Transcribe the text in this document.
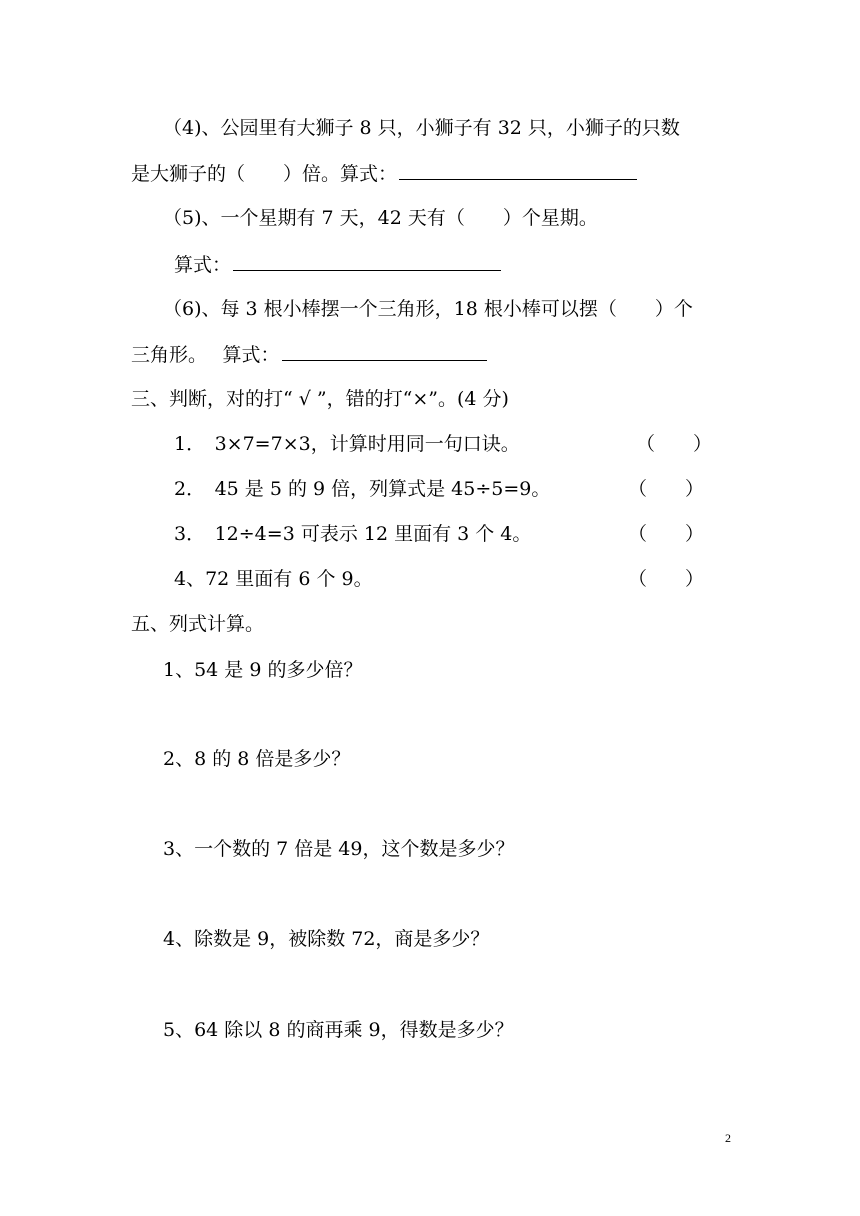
（4)、公园里有大狮子 8 只，小狮子有 32 只，小狮子的只数
是大狮子的（　　）倍。算式：
（5)、一个星期有 7 天，42 天有（　　）个星期。
算式：
（6)、每 3 根小棒摆一个三角形，18 根小棒可以摆（　　）个
三角形。　 算式：
三、判断，对的打“ √ ”，错的打“×”。(4 分)
1．　3×7=7×3，计算时用同一句口诀。	（　　）
2．　45 是 5 的 9 倍，列算式是 45÷5=9。	（　　）
3．　12÷4=3 可表示 12 里面有 3 个 4。	（　　）
4、72 里面有 6 个 9。	（　　）
五、列式计算。
1、54 是 9 的多少倍？
2、8 的 8 倍是多少？
3、一个数的 7 倍是 49，这个数是多少？
4、除数是 9，被除数 72，商是多少？
5、64 除以 8 的商再乘 9，得数是多少？
2
